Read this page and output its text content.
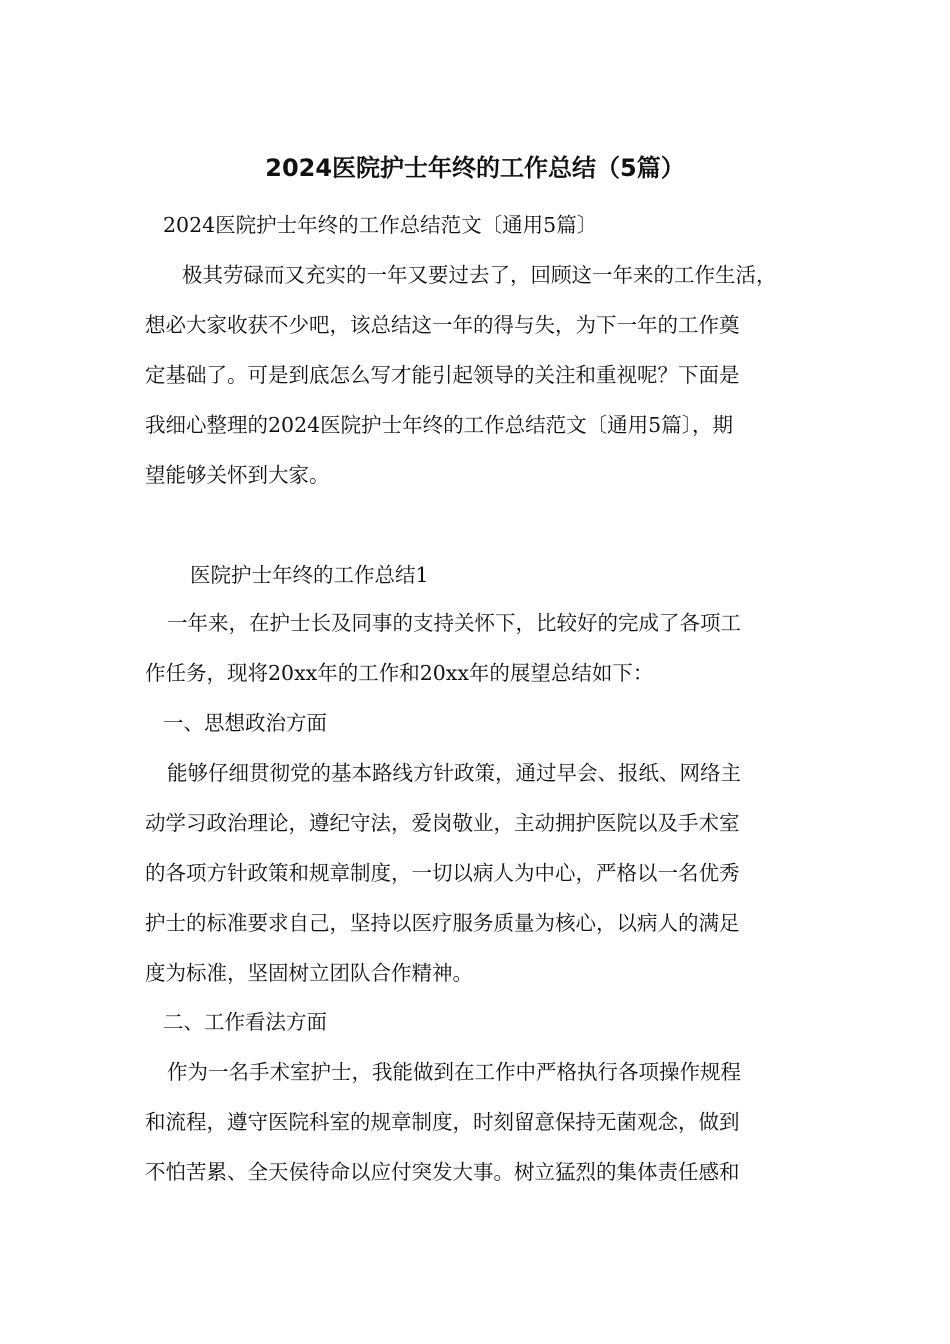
2024医院护士年终的工作总结（5篇）

2024医院护士年终的工作总结范文〔通用5篇〕

极其劳碌而又充实的一年又要过去了，回顾这一年来的工作生活，

想必大家收获不少吧，该总结这一年的得与失，为下一年的工作奠

定基础了。可是到底怎么写才能引起领导的关注和重视呢？下面是

我细心整理的2024医院护士年终的工作总结范文〔通用5篇〕，期

望能够关怀到大家。

医院护士年终的工作总结1

一年来，在护士长及同事的支持关怀下，比较好的完成了各项工

作任务，现将20xx年的工作和20xx年的展望总结如下：

一、思想政治方面

能够仔细贯彻党的基本路线方针政策，通过早会、报纸、网络主

动学习政治理论，遵纪守法，爱岗敬业，主动拥护医院以及手术室

的各项方针政策和规章制度，一切以病人为中心，严格以一名优秀

护士的标准要求自己，坚持以医疗服务质量为核心，以病人的满足

度为标准，坚固树立团队合作精神。

二、工作看法方面

作为一名手术室护士，我能做到在工作中严格执行各项操作规程

和流程，遵守医院科室的规章制度，时刻留意保持无菌观念，做到

不怕苦累、全天侯待命以应付突发大事。树立猛烈的集体责任感和
